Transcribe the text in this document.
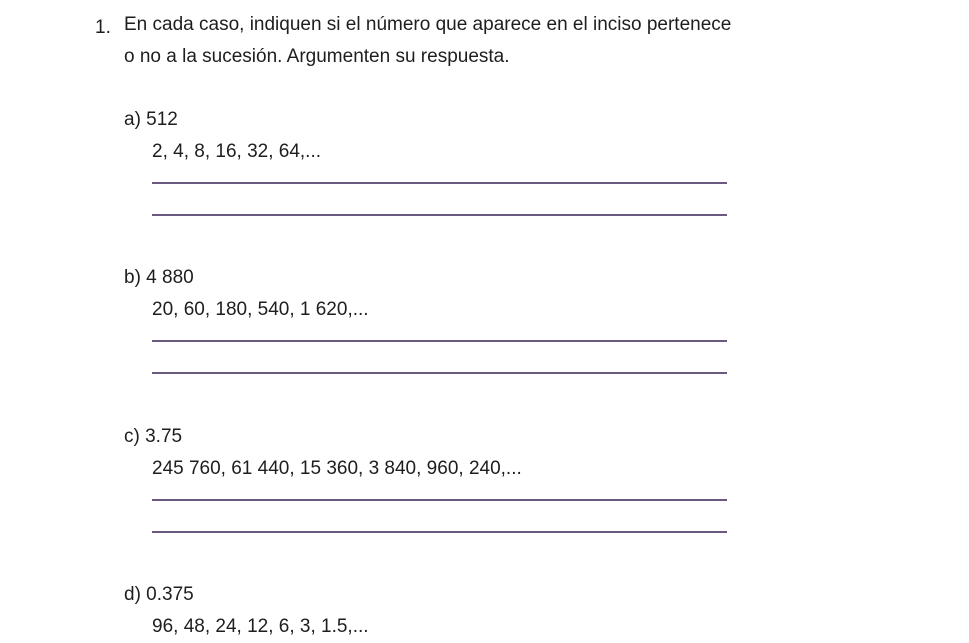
1. En cada caso, indiquen si el número que aparece en el inciso pertenece o no a la sucesión. Argumenten su respuesta.
a) 512
2, 4, 8, 16, 32, 64,...
b) 4 880
20, 60, 180, 540, 1 620,...
c) 3.75
245 760, 61 440, 15 360, 3 840, 960, 240,...
d) 0.375
96, 48, 24, 12, 6, 3, 1.5,...
